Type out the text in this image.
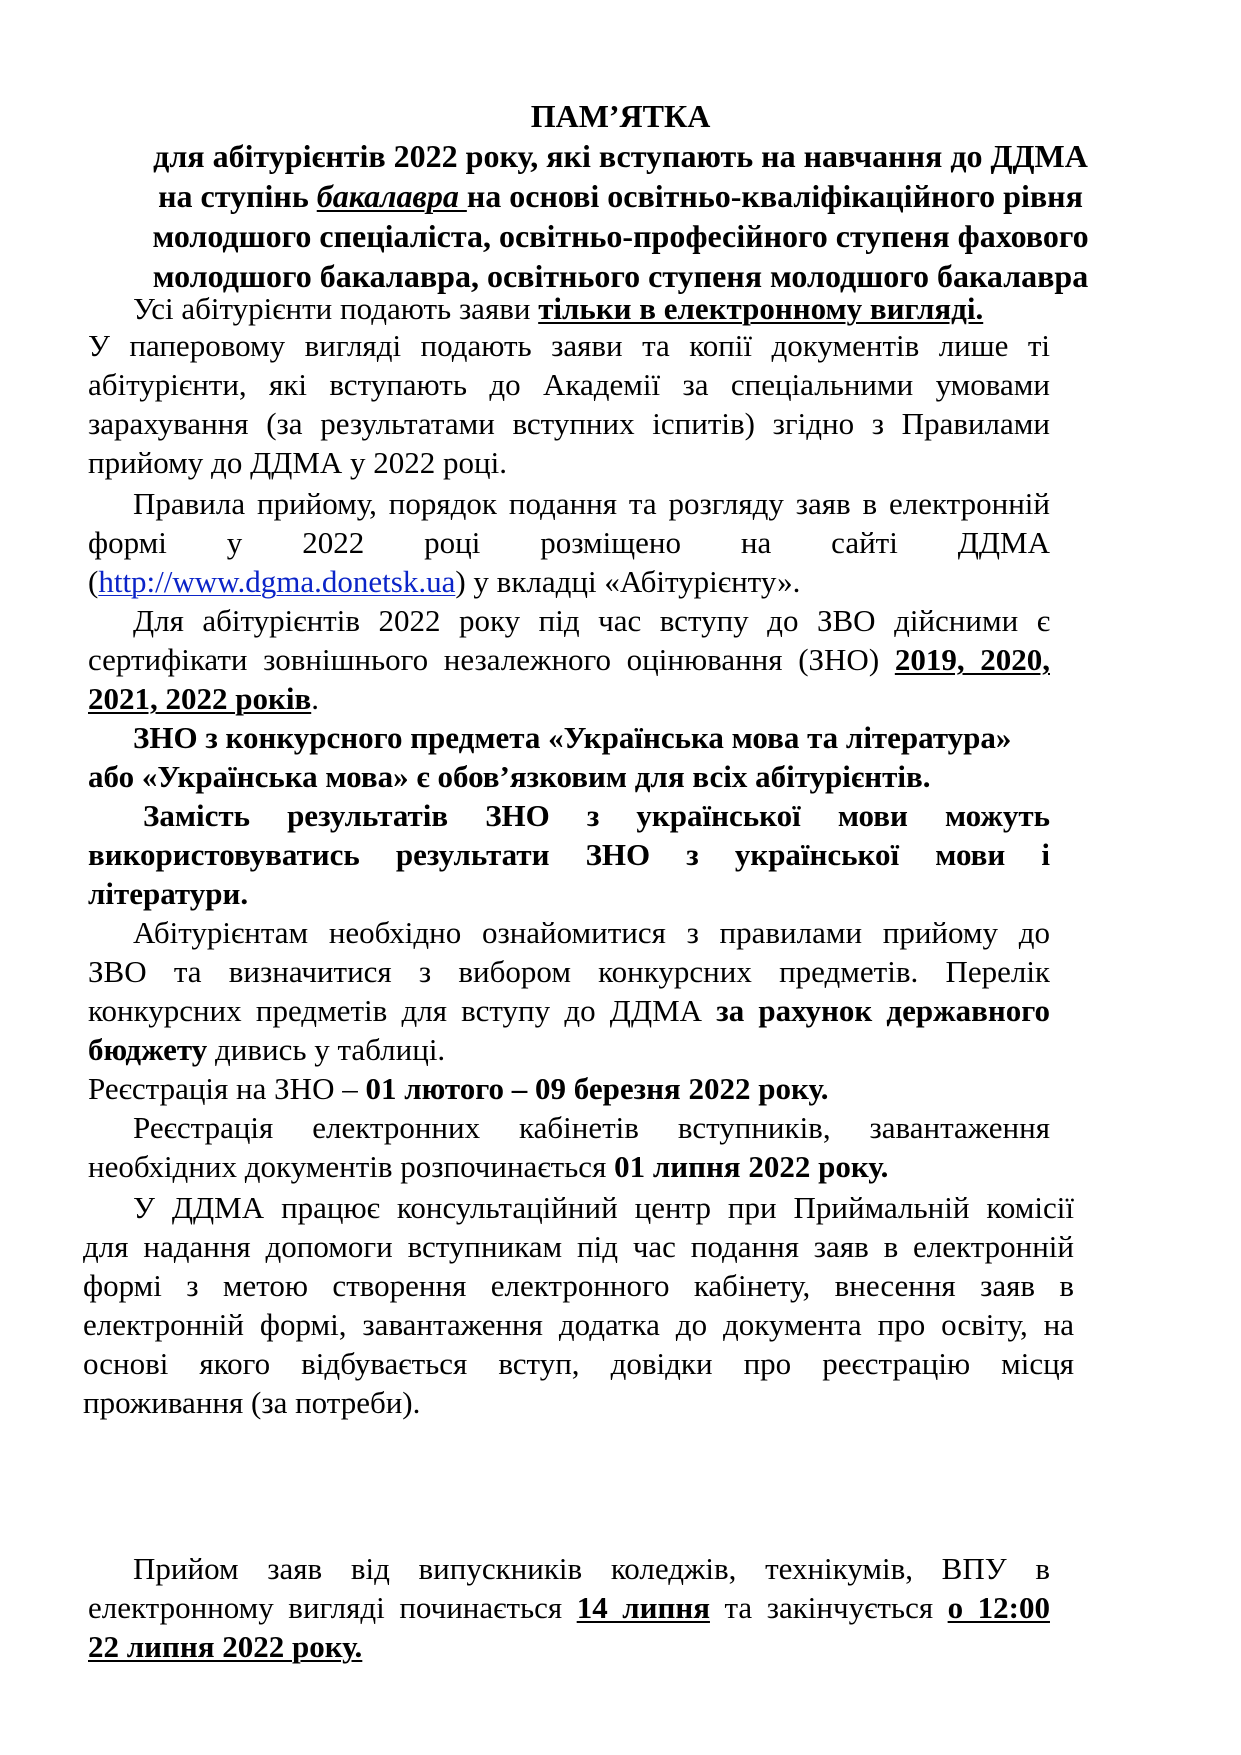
ПАМ’ЯТКА
для абітурієнтів 2022 року, які вступають на навчання до ДДМА
на ступінь бакалавра на основі освітньо-кваліфікаційного рівня
молодшого спеціаліста, освітньо-професійного ступеня фахового
молодшого бакалавра, освітнього ступеня молодшого бакалавра
Усі абітурієнти подають заяви тільки в електронному вигляді.
У паперовому вигляді подають заяви та копії документів лише ті
абітурієнти, які вступають до Академії за спеціальними умовами
зарахування (за результатами вступних іспитів) згідно з Правилами
прийому до ДДМА у 2022 році.
Правила прийому, порядок подання та розгляду заяв в електронній
формі у 2022 році розміщено на сайті ДДМА
(http://www.dgma.donetsk.ua) у вкладці «Абітурієнту».
Для абітурієнтів 2022 року під час вступу до ЗВО дійсними є
сертифікати зовнішнього незалежного оцінювання (ЗНО) 2019, 2020,
2021, 2022 років.
ЗНО з конкурсного предмета «Українська мова та література»
або «Українська мова» є обов’язковим для всіх абітурієнтів.
Замість результатів ЗНО з української мови можуть
використовуватись результати ЗНО з української мови і
літератури.
Абітурієнтам необхідно ознайомитися з правилами прийому до
ЗВО та визначитися з вибором конкурсних предметів. Перелік
конкурсних предметів для вступу до ДДМА за рахунок державного
бюджету дивись у таблиці.
Реєстрація на ЗНО – 01 лютого – 09 березня 2022 року.
Реєстрація електронних кабінетів вступників, завантаження
необхідних документів розпочинається 01 липня 2022 року.
У ДДМА працює консультаційний центр при Приймальній комісії
для надання допомоги вступникам під час подання заяв в електронній
формі з метою створення електронного кабінету, внесення заяв в
електронній формі, завантаження додатка до документа про освіту, на
основі якого відбувається вступ, довідки про реєстрацію місця
проживання (за потреби).
Прийом заяв від випускників коледжів, технікумів, ВПУ в
електронному вигляді починається 14 липня та закінчується о 12:00
22 липня 2022 року.
